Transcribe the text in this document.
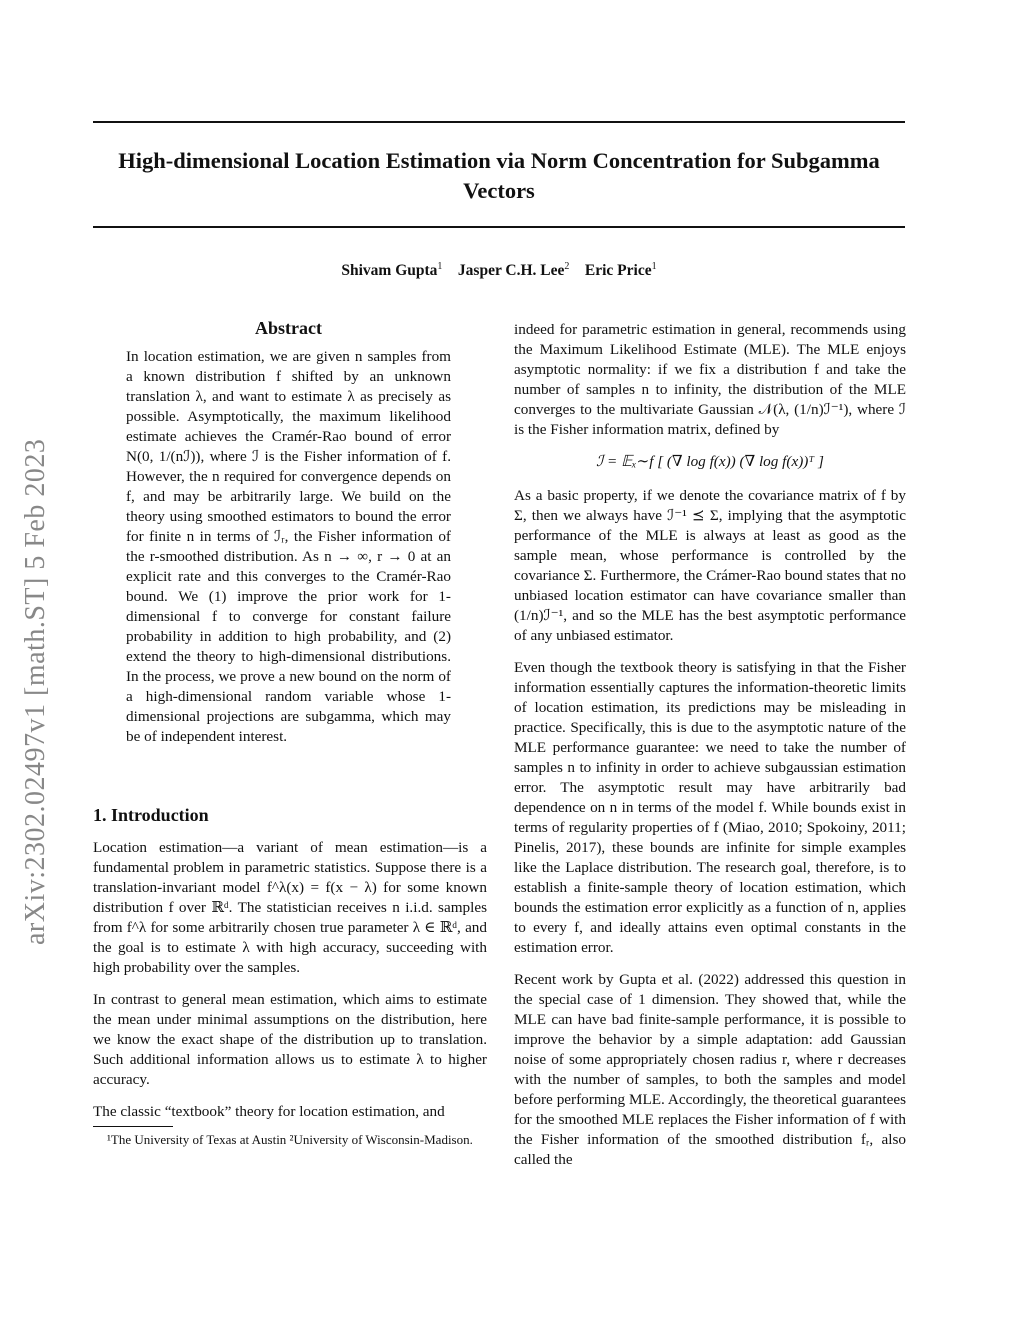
arXiv:2302.02497v1 [math.ST] 5 Feb 2023
High-dimensional Location Estimation via Norm Concentration for Subgamma Vectors
Shivam Gupta$^1$ Jasper C.H. Lee$^2$ Eric Price$^1$
Abstract
In location estimation, we are given n samples from a known distribution f shifted by an unknown translation λ, and want to estimate λ as precisely as possible. Asymptotically, the maximum likelihood estimate achieves the Cramér-Rao bound of error N(0, 1/(nℐ)), where ℐ is the Fisher information of f. However, the n required for convergence depends on f, and may be arbitrarily large. We build on the theory using smoothed estimators to bound the error for finite n in terms of ℐᵣ, the Fisher information of the r-smoothed distribution. As n → ∞, r → 0 at an explicit rate and this converges to the Cramér-Rao bound. We (1) improve the prior work for 1-dimensional f to converge for constant failure probability in addition to high probability, and (2) extend the theory to high-dimensional distributions. In the process, we prove a new bound on the norm of a high-dimensional random variable whose 1-dimensional projections are subgamma, which may be of independent interest.
1. Introduction

Location estimation—a variant of mean estimation—is a fundamental problem in parametric statistics. Suppose there is a translation-invariant model f^λ(x) = f(x − λ) for some known distribution f over ℝᵈ. The statistician receives n i.i.d. samples from f^λ for some arbitrarily chosen true parameter λ ∈ ℝᵈ, and the goal is to estimate λ with high accuracy, succeeding with high probability over the samples.

In contrast to general mean estimation, which aims to estimate the mean under minimal assumptions on the distribution, here we know the exact shape of the distribution up to translation. Such additional information allows us to estimate λ to higher accuracy.

The classic “textbook” theory for location estimation, and

indeed for parametric estimation in general, recommends using the Maximum Likelihood Estimate (MLE). The MLE enjoys asymptotic normality: if we fix a distribution f and take the number of samples n to infinity, the distribution of the MLE converges to the multivariate Gaussian 𝒩(λ, (1/n)ℐ⁻¹), where ℐ is the Fisher information matrix, defined by

ℐ = 𝔼ₓ∼f [ (∇ log f(x)) (∇ log f(x))ᵀ ]

As a basic property, if we denote the covariance matrix of f by Σ, then we always have ℐ⁻¹ ⪯ Σ, implying that the asymptotic performance of the MLE is always at least as good as the sample mean, whose performance is controlled by the covariance Σ. Furthermore, the Crámer-Rao bound states that no unbiased location estimator can have covariance smaller than (1/n)ℐ⁻¹, and so the MLE has the best asymptotic performance of any unbiased estimator.

Even though the textbook theory is satisfying in that the Fisher information essentially captures the information-theoretic limits of location estimation, its predictions may be misleading in practice. Specifically, this is due to the asymptotic nature of the MLE performance guarantee: we need to take the number of samples n to infinity in order to achieve subgaussian estimation error. The asymptotic result may have arbitrarily bad dependence on n in terms of the model f. While bounds exist in terms of regularity properties of f (Miao, 2010; Spokoiny, 2011; Pinelis, 2017), these bounds are infinite for simple examples like the Laplace distribution. The research goal, therefore, is to establish a finite-sample theory of location estimation, which bounds the estimation error explicitly as a function of n, applies to every f, and ideally attains even optimal constants in the estimation error.

Recent work by Gupta et al. (2022) addressed this question in the special case of 1 dimension. They showed that, while the MLE can have bad finite-sample performance, it is possible to improve the behavior by a simple adaptation: add Gaussian noise of some appropriately chosen radius r, where r decreases with the number of samples, to both the samples and model before performing MLE. Accordingly, the theoretical guarantees for the smoothed MLE replaces the Fisher information of f with the Fisher information of the smoothed distribution fᵣ, also called the

¹The University of Texas at Austin ²University of Wisconsin-Madison.
